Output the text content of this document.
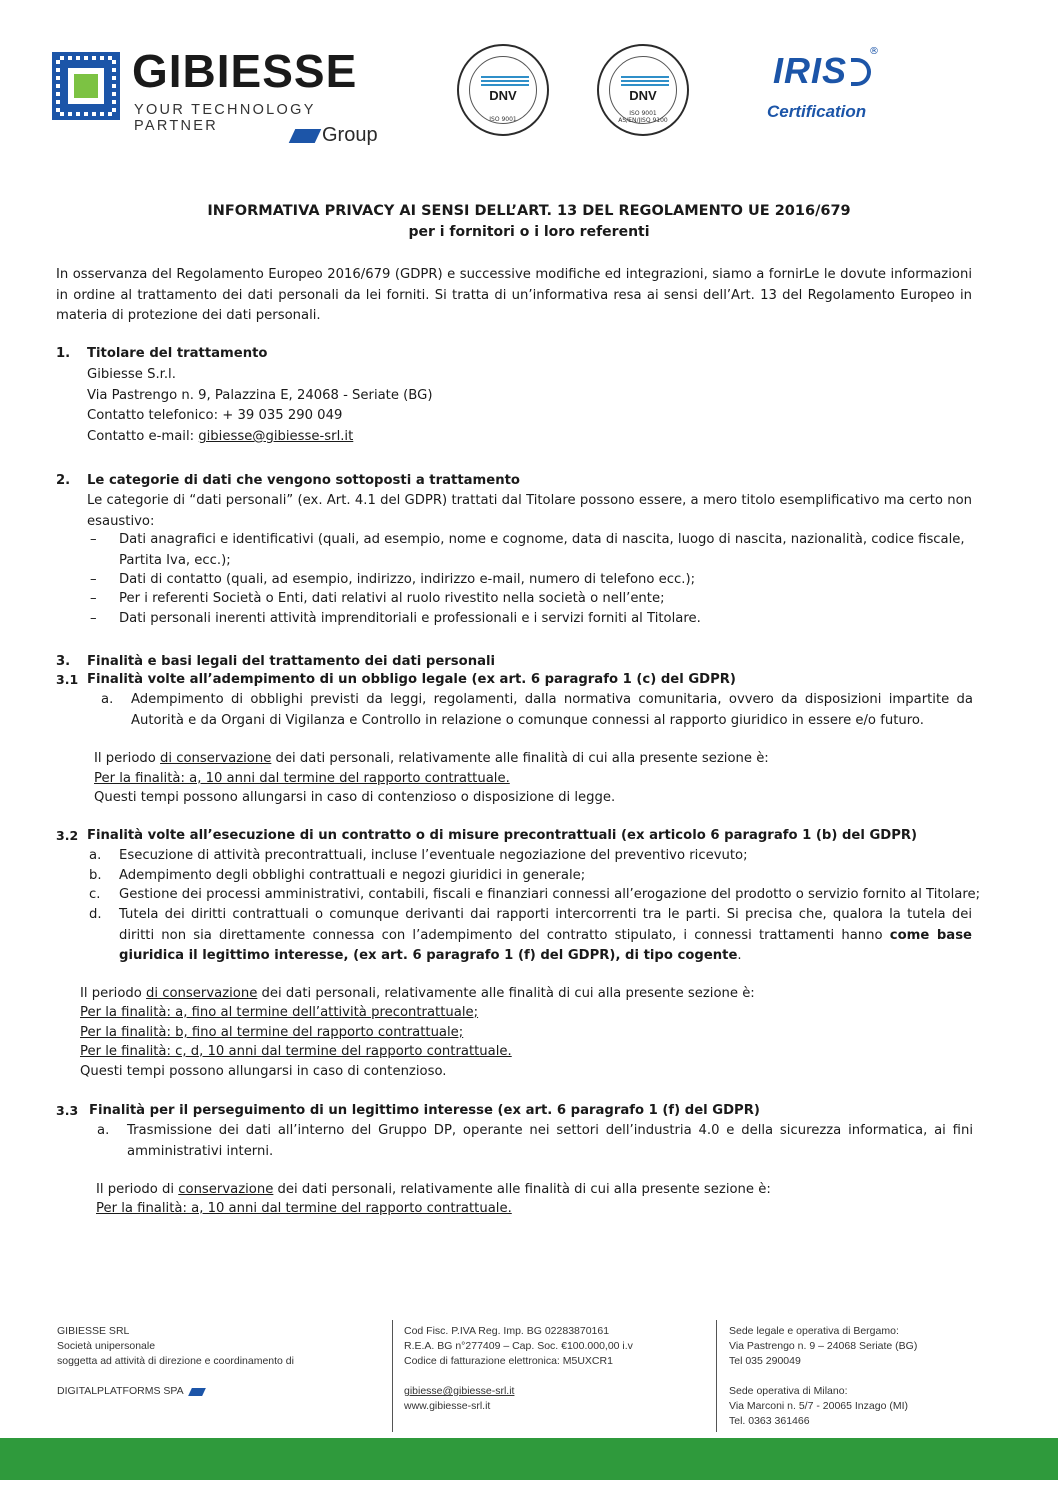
GIBIESSE
YOUR TECHNOLOGY PARTNER	Group
DNV
ISO 9001
DNV
ISO 9001
AS/EN/JISQ 9100
IRIS ®
Certification
INFORMATIVA PRIVACY AI SENSI DELL’ART. 13 DEL REGOLAMENTO UE 2016/679
per i fornitori o i loro referenti
In osservanza del Regolamento Europeo 2016/679 (GDPR) e successive modifiche ed integrazioni, siamo a fornirLe le dovute informazioni in ordine al trattamento dei dati personali da lei forniti. Si tratta di un’informativa resa ai sensi dell’Art. 13 del Regolamento Europeo in materia di protezione dei dati personali.
1. Titolare del trattamento
Gibiesse S.r.l.
Via Pastrengo n. 9, Palazzina E, 24068 - Seriate (BG)
Contatto telefonico: + 39 035 290 049
Contatto e-mail: gibiesse@gibiesse-srl.it
2. Le categorie di dati che vengono sottoposti a trattamento
Le categorie di “dati personali” (ex. Art. 4.1 del GDPR) trattati dal Titolare possono essere, a mero titolo esemplificativo ma certo non esaustivo:
– Dati anagrafici e identificativi (quali, ad esempio, nome e cognome, data di nascita, luogo di nascita, nazionalità, codice fiscale, Partita Iva, ecc.);
– Dati di contatto (quali, ad esempio, indirizzo, indirizzo e-mail, numero di telefono ecc.);
– Per i referenti Società o Enti, dati relativi al ruolo rivestito nella società o nell’ente;
– Dati personali inerenti attività imprenditoriali e professionali e i servizi forniti al Titolare.
3. Finalità e basi legali del trattamento dei dati personali
3.1 Finalità volte all’adempimento di un obbligo legale (ex art. 6 paragrafo 1 (c) del GDPR)
a. Adempimento di obblighi previsti da leggi, regolamenti, dalla normativa comunitaria, ovvero da disposizioni impartite da Autorità e da Organi di Vigilanza e Controllo in relazione o comunque connessi al rapporto giuridico in essere e/o futuro.
Il periodo di conservazione dei dati personali, relativamente alle finalità di cui alla presente sezione è:
Per la finalità: a, 10 anni dal termine del rapporto contrattuale.
Questi tempi possono allungarsi in caso di contenzioso o disposizione di legge.
3.2 Finalità volte all’esecuzione di un contratto o di misure precontrattuali (ex articolo 6 paragrafo 1 (b) del GDPR)
a. Esecuzione di attività precontrattuali, incluse l’eventuale negoziazione del preventivo ricevuto;
b. Adempimento degli obblighi contrattuali e negozi giuridici in generale;
c. Gestione dei processi amministrativi, contabili, fiscali e finanziari connessi all’erogazione del prodotto o servizio fornito al Titolare;
d. Tutela dei diritti contrattuali o comunque derivanti dai rapporti intercorrenti tra le parti. Si precisa che, qualora la tutela dei diritti non sia direttamente connessa con l’adempimento del contratto stipulato, i connessi trattamenti hanno come base giuridica il legittimo interesse, (ex art. 6 paragrafo 1 (f) del GDPR), di tipo cogente.
Il periodo di conservazione dei dati personali, relativamente alle finalità di cui alla presente sezione è:
Per la finalità: a, fino al termine dell’attività precontrattuale;
Per la finalità: b, fino al termine del rapporto contrattuale;
Per le finalità: c, d, 10 anni dal termine del rapporto contrattuale.
Questi tempi possono allungarsi in caso di contenzioso.
3.3 Finalità per il perseguimento di un legittimo interesse (ex art. 6 paragrafo 1 (f) del GDPR)
a. Trasmissione dei dati all’interno del Gruppo DP, operante nei settori dell’industria 4.0 e della sicurezza informatica, ai fini amministrativi interni.
Il periodo di conservazione dei dati personali, relativamente alle finalità di cui alla presente sezione è:
Per la finalità: a, 10 anni dal termine del rapporto contrattuale.
GIBIESSE SRL
Società unipersonale
soggetta ad attività di direzione e coordinamento di
DIGITALPLATFORMS SPA
Cod Fisc. P.IVA Reg. Imp. BG 02283870161
R.E.A. BG n°277409 – Cap. Soc. €100.000,00 i.v
Codice di fatturazione elettronica: M5UXCR1
gibiesse@gibiesse-srl.it
www.gibiesse-srl.it
Sede legale e operativa di Bergamo:
Via Pastrengo n. 9 – 24068 Seriate (BG)
Tel 035 290049
Sede operativa di Milano:
Via Marconi n. 5/7 - 20065 Inzago (MI)
Tel. 0363 361466
